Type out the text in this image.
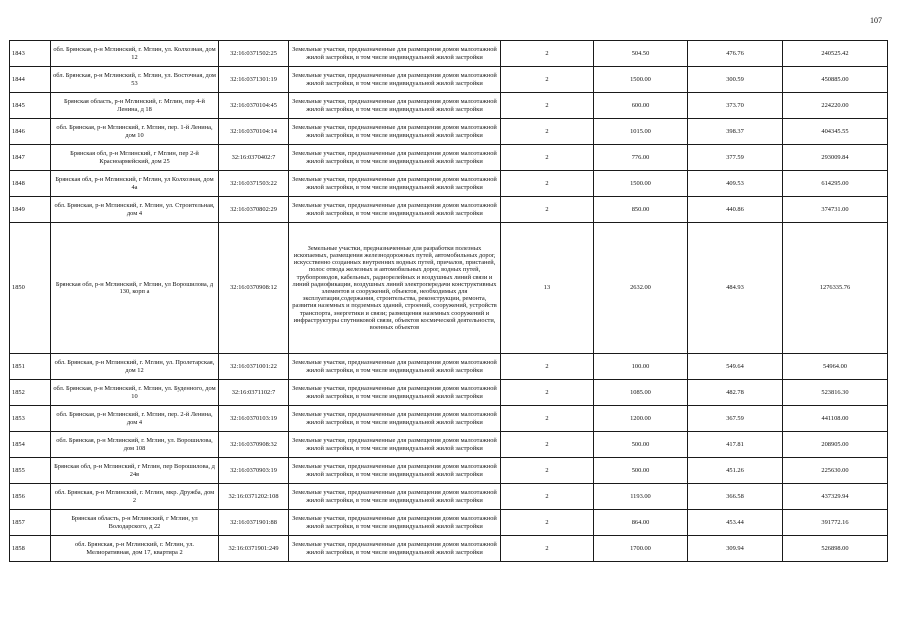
107
1843	обл. Брянская, р-н Мглинский, г. Мглин, ул. Колхозная, дом 12	32:16:0371502:25	Земельные участки, предназначенные для размещения домов малоэтажной жилой застройки, в том числе индивидуальной жилой застройки	2	504.50	476.76	240525.42
1844	обл. Брянская, р-н Мглинский, г. Мглин, ул. Восточная, дом 53	32:16:0371301:19	Земельные участки, предназначенные для размещения домов малоэтажной жилой застройки, в том числе индивидуальной жилой застройки	2	1500.00	300.59	450885.00
1845	Брянская область, р-н Мглинский, г. Мглин, пер 4-й Ленина, д 18	32:16:0370104:45	Земельные участки, предназначенные для размещения домов малоэтажной жилой застройки, в том числе индивидуальной жилой застройки	2	600.00	373.70	224220.00
1846	обл. Брянская, р-н Мглинский, г. Мглин, пер. 1-й Ленина, дом 10	32:16:0370104:14	Земельные участки, предназначенные для размещения домов малоэтажной жилой застройки, в том числе индивидуальной жилой застройки	2	1015.00	398.37	404345.55
1847	Брянская обл, р-н Мглинский, г Мглин, пер 2-й Красноармейский, дом 25	32:16:0370402:7	Земельные участки, предназначенные для размещения домов малоэтажной жилой застройки, в том числе индивидуальной жилой застройки	2	776.00	377.59	293009.84
1848	Брянская обл, р-н Мглинский, г Мглин, ул Колхозная, дом 4а	32:16:0371503:22	Земельные участки, предназначенные для размещения домов малоэтажной жилой застройки, в том числе индивидуальной жилой застройки	2	1500.00	409.53	614295.00
1849	обл. Брянская, р-н Мглинский, г. Мглин, ул. Строительная, дом 4	32:16:0370802:29	Земельные участки, предназначенные для размещения домов малоэтажной жилой застройки, в том числе индивидуальной жилой застройки	2	850.00	440.86	374731.00
1850	Брянская обл, р-н Мглинский, г Мглин, ул Ворошилова, д 130, корп а	32:16:0370908:12	Земельные участки, предназначенные для разработки полезных ископаемых, размещения железнодорожных путей, автомобильных дорог, искусственно созданных внутренних водных путей, причалов, пристаней, полос отвода железных и автомобильных дорог, водных путей, трубопроводов, кабельных, радиорелейных и воздушных линий связи и линий радиофикации, воздушных линий электропередачи конструктивных элементов и сооружений, объектов, необходимых для эксплуатации,содержания, строительства, реконструкции, ремонта, развития наземных и подземных зданий, строений, сооружений, устройств транспорта, энергетики и связи; размещения наземных сооружений и инфраструктуры спутниковой связи, объектов космической деятельности, военных объектов	13	2632.00	484.93	1276335.76
1851	обл. Брянская, р-н Мглинский, г. Мглин, ул. Пролетарская, дом 12	32:16:0371001:22	Земельные участки, предназначенные для размещения домов малоэтажной жилой застройки, в том числе индивидуальной жилой застройки	2	100.00	549.64	54964.00
1852	обл. Брянская, р-н Мглинский, г. Мглин, ул. Буденного, дом 10	32:16:0371102:7	Земельные участки, предназначенные для размещения домов малоэтажной жилой застройки, в том числе индивидуальной жилой застройки	2	1085.00	482.78	523816.30
1853	обл. Брянская, р-н Мглинский, г. Мглин, пер. 2-й Ленина, дом 4	32:16:0370103:19	Земельные участки, предназначенные для размещения домов малоэтажной жилой застройки, в том числе индивидуальной жилой застройки	2	1200.00	367.59	441108.00
1854	обл. Брянская, р-н Мглинский, г. Мглин, ул. Ворошилова, дом 108	32:16:0370908:32	Земельные участки, предназначенные для размещения домов малоэтажной жилой застройки, в том числе индивидуальной жилой застройки	2	500.00	417.81	208905.00
1855	Брянская обл, р-н Мглинский, г Мглин, пер Ворошилова, д 24в	32:16:0370903:19	Земельные участки, предназначенные для размещения домов малоэтажной жилой застройки, в том числе индивидуальной жилой застройки	2	500.00	451.26	225630.00
1856	обл. Брянская, р-н Мглинский, г. Мглин, мкр. Дружба, дом 2	32:16:0371202:108	Земельные участки, предназначенные для размещения домов малоэтажной жилой застройки, в том числе индивидуальной жилой застройки	2	1193.00	366.58	437329.94
1857	Брянская область, р-н Мглинский, г Мглин, ул Володарского, д 22	32:16:0371901:88	Земельные участки, предназначенные для размещения домов малоэтажной жилой застройки, в том числе индивидуальной жилой застройки	2	864.00	453.44	391772.16
1858	обл. Брянская, р-н Мглинский, г. Мглин, ул. Мелиоративная, дом 17, квартира 2	32:16:0371901:249	Земельные участки, предназначенные для размещения домов малоэтажной жилой застройки, в том числе индивидуальной жилой застройки	2	1700.00	309.94	526898.00
